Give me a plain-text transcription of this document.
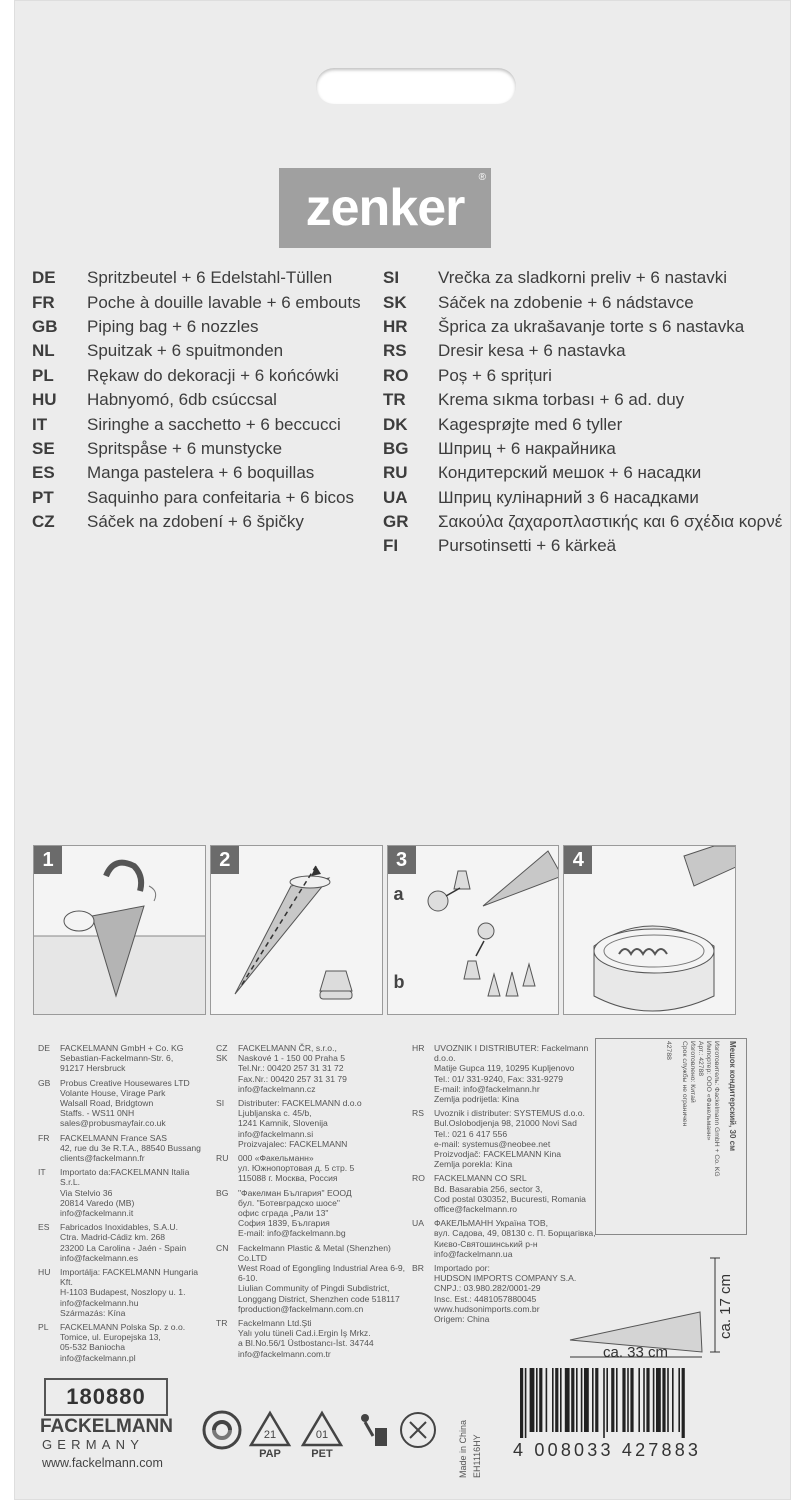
zenker
®
DE	Spritzbeutel + 6 Edelstahl-Tüllen
FR	Poche à douille lavable + 6 embouts
GB	Piping bag + 6 nozzles
NL	Spuitzak + 6 spuitmonden
PL	Rękaw do dekoracji + 6 końcówki
HU	Habnyomó, 6db csúccsal
IT	Siringhe a sacchetto + 6 beccucci
SE	Spritspåse + 6 munstycke
ES	Manga pastelera + 6 boquillas
PT	Saquinho para confeitaria + 6 bicos
CZ	Sáček na zdobení + 6 špičky
SI	Vrečka za sladkorni preliv + 6 nastavki
SK	Sáček na zdobenie + 6 nádstavce
HR	Šprica za ukrašavanje torte s 6 nastavka
RS	Dresir kesa + 6 nastavka
RO	Poș + 6 sprițuri
TR	Krema sıkma torbası + 6 ad. duy
DK	Kagesprøjte med 6 tyller
BG	Шприц + 6 накрайника
RU	Кондитерский мешок + 6 насадки
UA	Шприц кулінарний з 6 насадками
GR	Σακούλα ζαχαροπλαστικής και 6 σχέδια κορνέ
FI	Pursotinsetti + 6 kärkeä
1	2	3
a
b
4
DE	FACKELMANN GmbH + Co. KG
Sebastian-Fackelmann-Str. 6,
91217 Hersbruck
GB	Probus Creative Housewares LTD
Volante House, Virage Park
Walsall Road, Bridgtown
Staffs. - WS11 0NH
sales@probusmayfair.co.uk
FR	FACKELMANN France SAS
42, rue du 3e R.T.A., 88540 Bussang
clients@fackelmann.fr
IT	Importato da:FACKELMANN Italia S.r.L.
Via Stelvio 36
20814 Varedo (MB)
info@fackelmann.it
ES	Fabricados Inoxidables, S.A.U.
Ctra. Madrid-Cádiz km. 268
23200 La Carolina - Jaén - Spain
info@fackelmann.es
HU	Importálja: FACKELMANN Hungaria Kft.
H-1103 Budapest, Noszlopy u. 1.
info@fackelmann.hu
Származás: Kína
PL	FACKELMANN Polska Sp. z o.o.
Tomice, ul. Europejska 13,
05-532 Baniocha
info@fackelmann.pl
CZ
SK
FACKELMANN ČR, s.r.o.,
Naskové 1 - 150 00 Praha 5
Tel.Nr.: 00420 257 31 31 72
Fax.Nr.: 00420 257 31 31 79
info@fackelmann.cz
SI	Distributer: FACKELMANN d.o.o
Ljubljanska c. 45/b,
1241 Kamnik, Slovenija
info@fackelmann.si
Proizvajalec: FACKELMANN
RU	000 «Факельманн»
ул. Южнопортовая д. 5 стр. 5
115088 г. Москва, Россия
BG	"Факелман България" ЕООД
бул. "Ботевградско шосе"
офис сграда „Рали 13"
София 1839, България
E-mail: info@fackelmann.bg
CN	Fackelmann Plastic & Metal (Shenzhen) Co.LTD
West Road of Egongling Industrial Area 6-9, 6-10.
Liulian Community of Pingdi Subdistrict,
Longgang District, Shenzhen code 518117
fproduction@fackelmann.com.cn
TR	Fackelmann Ltd.Şti
Yalı yolu tüneli Cad.i.Ergin İş Mrkz.
a Bl.No.56/1 Üstbostancı-İst. 34744
info@fackelmann.com.tr
HR	UVOZNIK I DISTRIBUTER: Fackelmann d.o.o.
Matije Gupca 119, 10295 Kupljenovo
Tel.: 01/ 331-9240, Fax: 331-9279
E-mail: info@fackelmann.hr
Zemlja podrijetla: Kina
RS	Uvoznik i distributer: SYSTEMUS d.o.o.
Bul.Oslobodjenja 98, 21000 Novi Sad
Tel.: 021 6 417 556
e-mail: systemus@neobee.net
Proizvodjač: FACKELMANN Kina
Zemlja porekla: Kina
RO	FACKELMANN CO SRL
Bd. Basarabia 256, sector 3,
Cod postal 030352, Bucuresti, Romania
office@fackelmann.ro
UA	ФАКЕЛЬМАНН Україна ТОВ,
вул. Садова, 49, 08130 с. П. Борщагівка,
Києво-Святошинський р-н
info@fackelmann.ua
BR	Importado por:
HUDSON IMPORTS COMPANY S.A.
CNPJ.: 03.980.282/0001-29
Insc. Est.: 4481057880045
www.hudsonimports.com.br
Origem: China

Мешок кондитерский, 30 см

Изготовитель: Фackelmann GmbH + Co. KG
Импортер: ООО «Факельманн»
Арт.: 42788
Изготовлено: Китай
Срок службы не ограничен

42788

ca. 33 cm
ca. 17 cm
180880
FACKELMANN
GERMANY
www.fackelmann.com
21
PAP
01
PET	Made in China EH1116HY 4 008033 427883
